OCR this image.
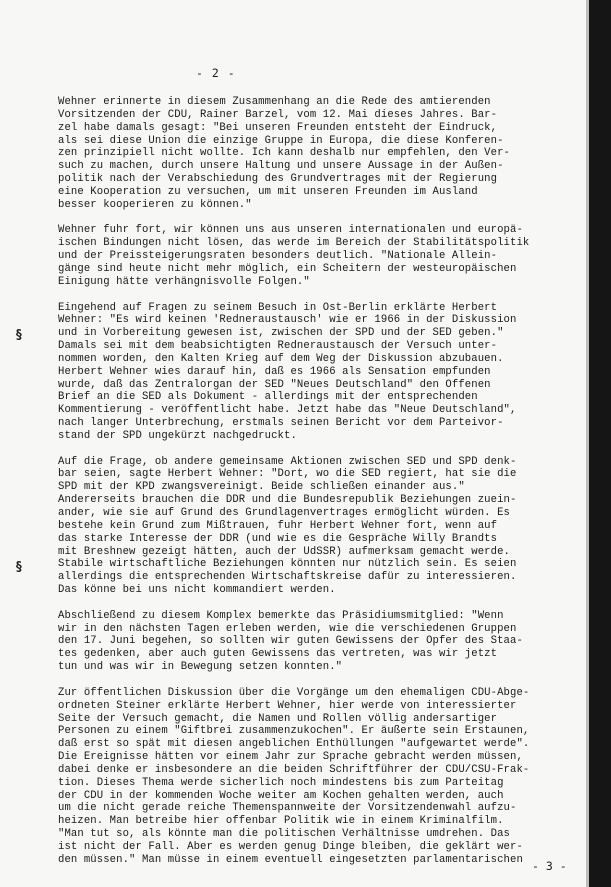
§
§
- 2 -
Wehner erinnerte in diesem Zusammenhang an die Rede des amtierenden
Vorsitzenden der CDU, Rainer Barzel, vom 12. Mai dieses Jahres. Bar-
zel habe damals gesagt: "Bei unseren Freunden entsteht der Eindruck,
als sei diese Union die einzige Gruppe in Europa, die diese Konferen-
zen prinzipiell nicht wollte. Ich kann deshalb nur empfehlen, den Ver-
such zu machen, durch unsere Haltung und unsere Aussage in der Außen-
politik nach der Verabschiedung des Grundvertrages mit der Regierung
eine Kooperation zu versuchen, um mit unseren Freunden im Ausland
besser kooperieren zu können."
Wehner fuhr fort, wir können uns aus unseren internationalen und europä-
ischen Bindungen nicht lösen, das werde im Bereich der Stabilitätspolitik
und der Preissteigerungsraten besonders deutlich. "Nationale Allein-
gänge sind heute nicht mehr möglich, ein Scheitern der westeuropäischen
Einigung hätte verhängnisvolle Folgen."
Eingehend auf Fragen zu seinem Besuch in Ost-Berlin erklärte Herbert
Wehner: "Es wird keinen 'Redneraustausch' wie er 1966 in der Diskussion
und in Vorbereitung gewesen ist, zwischen der SPD und der SED geben."
Damals sei mit dem beabsichtigten Redneraustausch der Versuch unter-
nommen worden, den Kalten Krieg auf dem Weg der Diskussion abzubauen.
Herbert Wehner wies darauf hin, daß es 1966 als Sensation empfunden
wurde, daß das Zentralorgan der SED "Neues Deutschland" den Offenen
Brief an die SED als Dokument - allerdings mit der entsprechenden
Kommentierung - veröffentlicht habe. Jetzt habe das "Neue Deutschland",
nach langer Unterbrechung, erstmals seinen Bericht vor dem Parteivor-
stand der SPD ungekürzt nachgedruckt.
Auf die Frage, ob andere gemeinsame Aktionen zwischen SED und SPD denk-
bar seien, sagte Herbert Wehner: "Dort, wo die SED regiert, hat sie die
SPD mit der KPD zwangsvereinigt. Beide schließen einander aus."
Andererseits brauchen die DDR und die Bundesrepublik Beziehungen zuein-
ander, wie sie auf Grund des Grundlagenvertrages ermöglicht würden. Es
bestehe kein Grund zum Mißtrauen, fuhr Herbert Wehner fort, wenn auf
das starke Interesse der DDR (und wie es die Gespräche Willy Brandts
mit Breshnew gezeigt hätten, auch der UdSSR) aufmerksam gemacht werde.
Stabile wirtschaftliche Beziehungen könnten nur nützlich sein. Es seien
allerdings die entsprechenden Wirtschaftskreise dafür zu interessieren.
Das könne bei uns nicht kommandiert werden.
Abschließend zu diesem Komplex bemerkte das Präsidiumsmitglied: "Wenn
wir in den nächsten Tagen erleben werden, wie die verschiedenen Gruppen
den 17. Juni begehen, so sollten wir guten Gewissens der Opfer des Staa-
tes gedenken, aber auch guten Gewissens das vertreten, was wir jetzt
tun und was wir in Bewegung setzen konnten."
Zur öffentlichen Diskussion über die Vorgänge um den ehemaligen CDU-Abge-
ordneten Steiner erklärte Herbert Wehner, hier werde von interessierter
Seite der Versuch gemacht, die Namen und Rollen völlig andersartiger
Personen zu einem "Giftbrei zusammenzukochen". Er äußerte sein Erstaunen,
daß erst so spät mit diesen angeblichen Enthüllungen "aufgewartet werde".
Die Ereignisse hätten vor einem Jahr zur Sprache gebracht werden müssen,
dabei denke er insbesondere an die beiden Schriftführer der CDU/CSU-Frak-
tion. Dieses Thema werde sicherlich noch mindestens bis zum Parteitag
der CDU in der kommenden Woche weiter am Kochen gehalten werden, auch
um die nicht gerade reiche Themenspannweite der Vorsitzendenwahl aufzu-
heizen. Man betreibe hier offenbar Politik wie in einem Kriminalfilm.
"Man tut so, als könnte man die politischen Verhältnisse umdrehen. Das
ist nicht der Fall. Aber es werden genug Dinge bleiben, die geklärt wer-
den müssen." Man müsse in einem eventuell eingesetzten parlamentarischen - 3 -
